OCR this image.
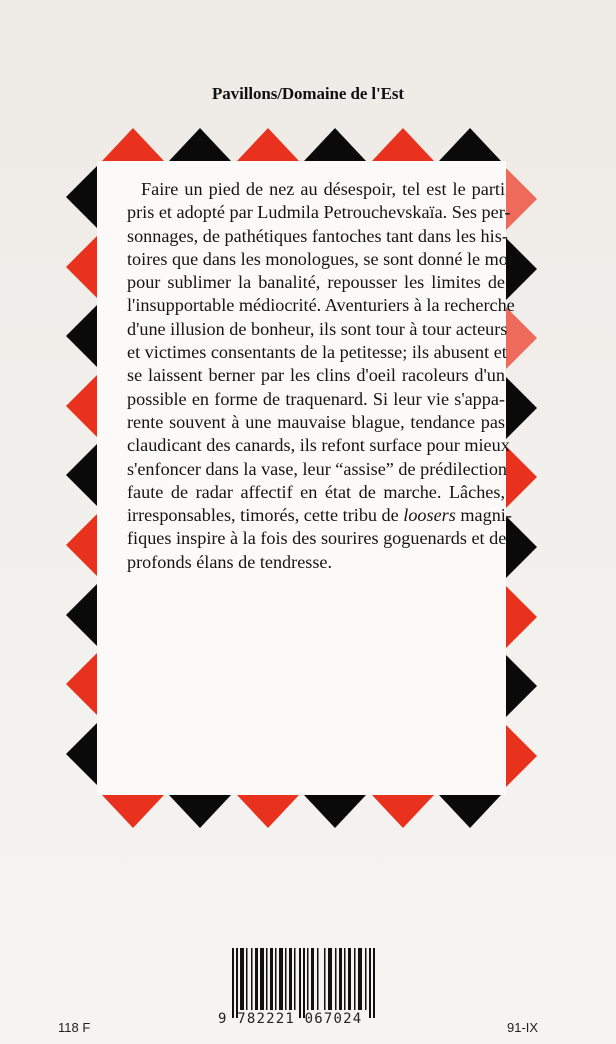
Pavillons/Domaine de l'Est
Faire un pied de nez au désespoir, tel est le parti
pris et adopté par Ludmila Petrouchevskaïa. Ses per-
sonnages, de pathétiques fantoches tant dans les his-
toires que dans les monologues, se sont donné le mot
pour sublimer la banalité, repousser les limites de
l'insupportable médiocrité. Aventuriers à la recherche
d'une illusion de bonheur, ils sont tour à tour acteurs
et victimes consentants de la petitesse; ils abusent et
se laissent berner par les clins d'oeil racoleurs d'un
possible en forme de traquenard. Si leur vie s'appa-
rente souvent à une mauvaise blague, tendance pas
claudicant des canards, ils refont surface pour mieux
s'enfoncer dans la vase, leur “assise” de prédilection
faute de radar affectif en état de marche. Lâches,
irresponsables, timorés, cette tribu de loosers magni-
fiques inspire à la fois des sourires goguenards et de
profonds élans de tendresse.
9 782221 067024
118 F	91-IX
